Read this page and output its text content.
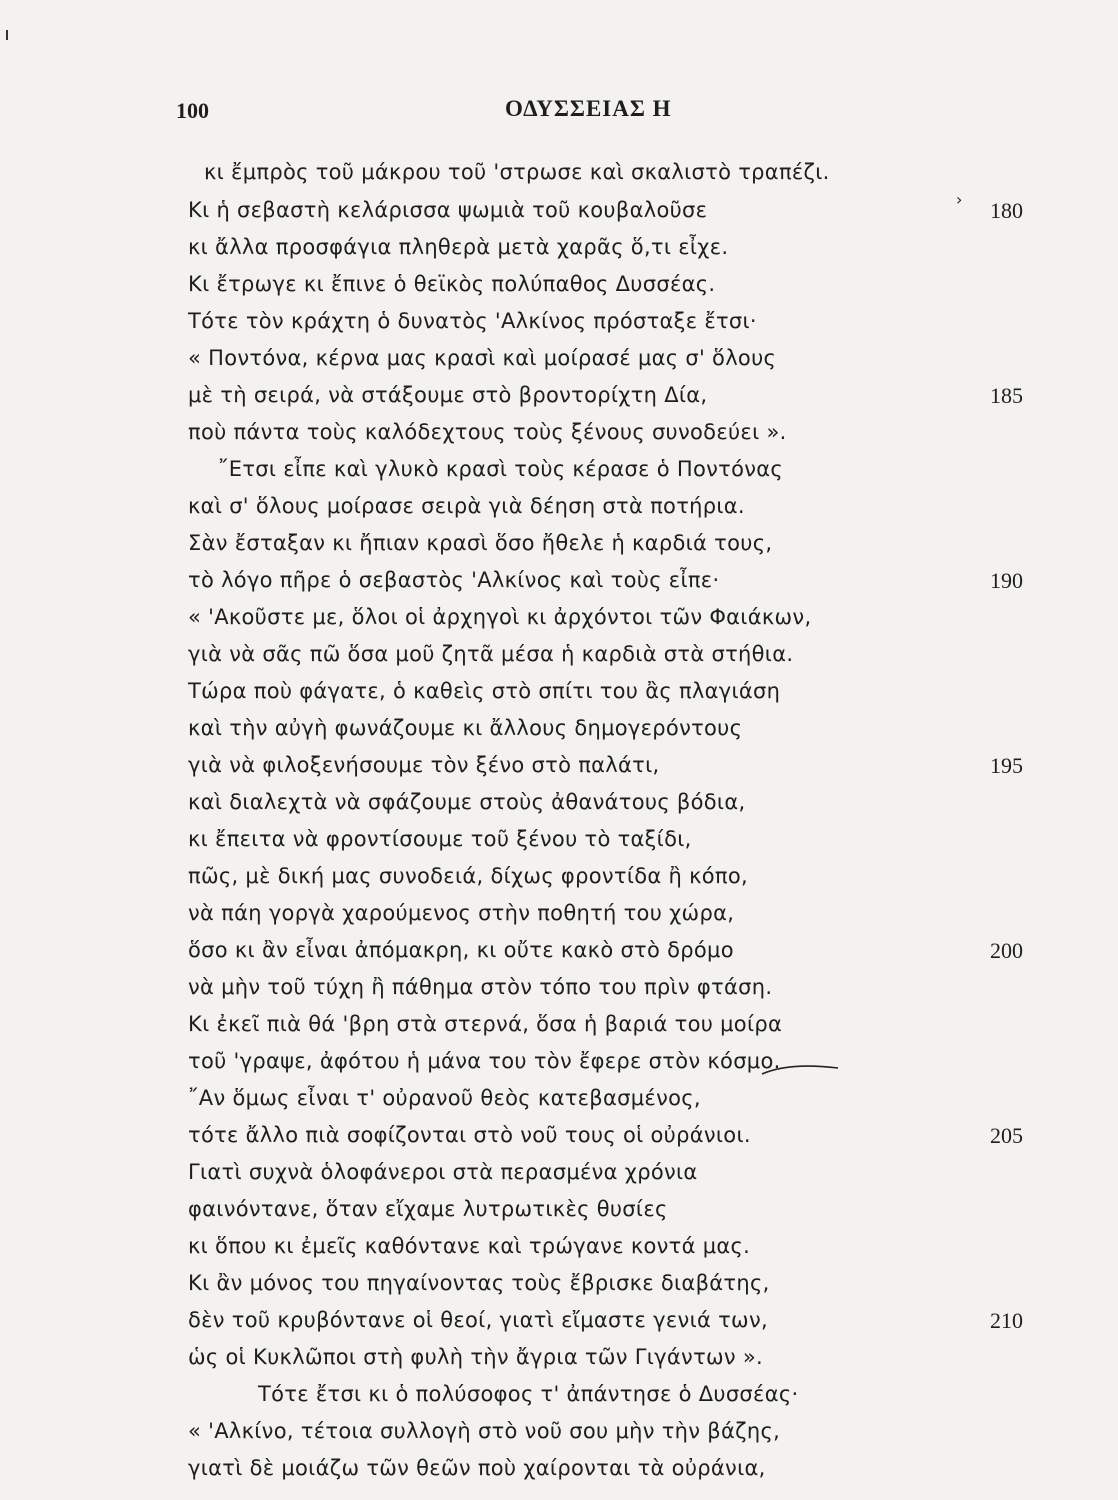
100	ΟΔΥΣΣΕΙΑΣ Η
κι ἔμπρὸς τοῦ μάκρου τοῦ 'στρωσε καὶ σκαλιστὸ τραπέζι.
Κι ἡ σεβαστὴ κελάρισσα ψωμιὰ τοῦ κουβαλοῦσε
κι ἄλλα προσφάγια πληθερὰ μετὰ χαρᾶς ὅ,τι εἶχε.
Κι ἔτρωγε κι ἔπινε ὁ θεϊκὸς πολύπαθος Δυσσέας.
Τότε τὸν κράχτη ὁ δυνατὸς 'Αλκίνος πρόσταξε ἔτσι·
« Ποντόνα, κέρνα μας κρασὶ καὶ μοίρασέ μας σ' ὅλους
μὲ τὴ σειρά, νὰ στάξουμε στὸ βροντορίχτη Δία,
ποὺ πάντα τοὺς καλόδεχτους τοὺς ξένους συνοδεύει ».
῎Ετσι εἶπε καὶ γλυκὸ κρασὶ τοὺς κέρασε ὁ Ποντόνας
καὶ σ' ὅλους μοίρασε σειρὰ γιὰ δέηση στὰ ποτήρια.
Σὰν ἔσταξαν κι ἤπιαν κρασὶ ὅσο ἤθελε ἡ καρδιά τους,
τὸ λόγο πῆρε ὁ σεβαστὸς 'Αλκίνος καὶ τοὺς εἶπε·
« 'Ακοῦστε με, ὅλοι οἱ ἀρχηγοὶ κι ἀρχόντοι τῶν Φαιάκων,
γιὰ νὰ σᾶς πῶ ὅσα μοῦ ζητᾶ μέσα ἡ καρδιὰ στὰ στήθια.
Τώρα ποὺ φάγατε, ὁ καθεὶς στὸ σπίτι του ἂς πλαγιάση
καὶ τὴν αὐγὴ φωνάζουμε κι ἄλλους δημογερόντους
γιὰ νὰ φιλοξενήσουμε τὸν ξένο στὸ παλάτι,
καὶ διαλεχτὰ νὰ σφάζουμε στοὺς ἀθανάτους βόδια,
κι ἔπειτα νὰ φροντίσουμε τοῦ ξένου τὸ ταξίδι,
πῶς, μὲ δική μας συνοδειά, δίχως φροντίδα ἢ κόπο,
νὰ πάη γοργὰ χαρούμενος στὴν ποθητή του χώρα,
ὅσο κι ἂν εἶναι ἀπόμακρη, κι οὔτε κακὸ στὸ δρόμο
νὰ μὴν τοῦ τύχη ἢ πάθημα στὸν τόπο του πρὶν φτάση.
Κι ἐκεῖ πιὰ θά 'βρη στὰ στερνά, ὅσα ἡ βαριά του μοίρα
τοῦ 'γραψε, ἀφότου ἡ μάνα του τὸν ἔφερε στὸν κόσμο.
῎Αν ὅμως εἶναι τ' οὐρανοῦ θεὸς κατεβασμένος,
τότε ἄλλο πιὰ σοφίζονται στὸ νοῦ τους οἱ οὐράνιοι.
Γιατὶ συχνὰ ὁλοφάνεροι στὰ περασμένα χρόνια
φαινόντανε, ὅταν εἴχαμε λυτρωτικὲς θυσίες
κι ὅπου κι ἐμεῖς καθόντανε καὶ τρώγανε κοντά μας.
Κι ἂν μόνος του πηγαίνοντας τοὺς ἔβρισκε διαβάτης,
δὲν τοῦ κρυβόντανε οἱ θεοί, γιατὶ εἴμαστε γενιά των,
ὡς οἱ Κυκλῶποι στὴ φυλὴ τὴν ἄγρια τῶν Γιγάντων ».
Τότε ἔτσι κι ὁ πολύσοφος τ' ἀπάντησε ὁ Δυσσέας·
« 'Αλκίνο, τέτοια συλλογὴ στὸ νοῦ σου μὴν τὴν βάζης,
γιατὶ δὲ μοιάζω τῶν θεῶν ποὺ χαίρονται τὰ οὐράνια,
180
185
190
195
200
205
210
›
